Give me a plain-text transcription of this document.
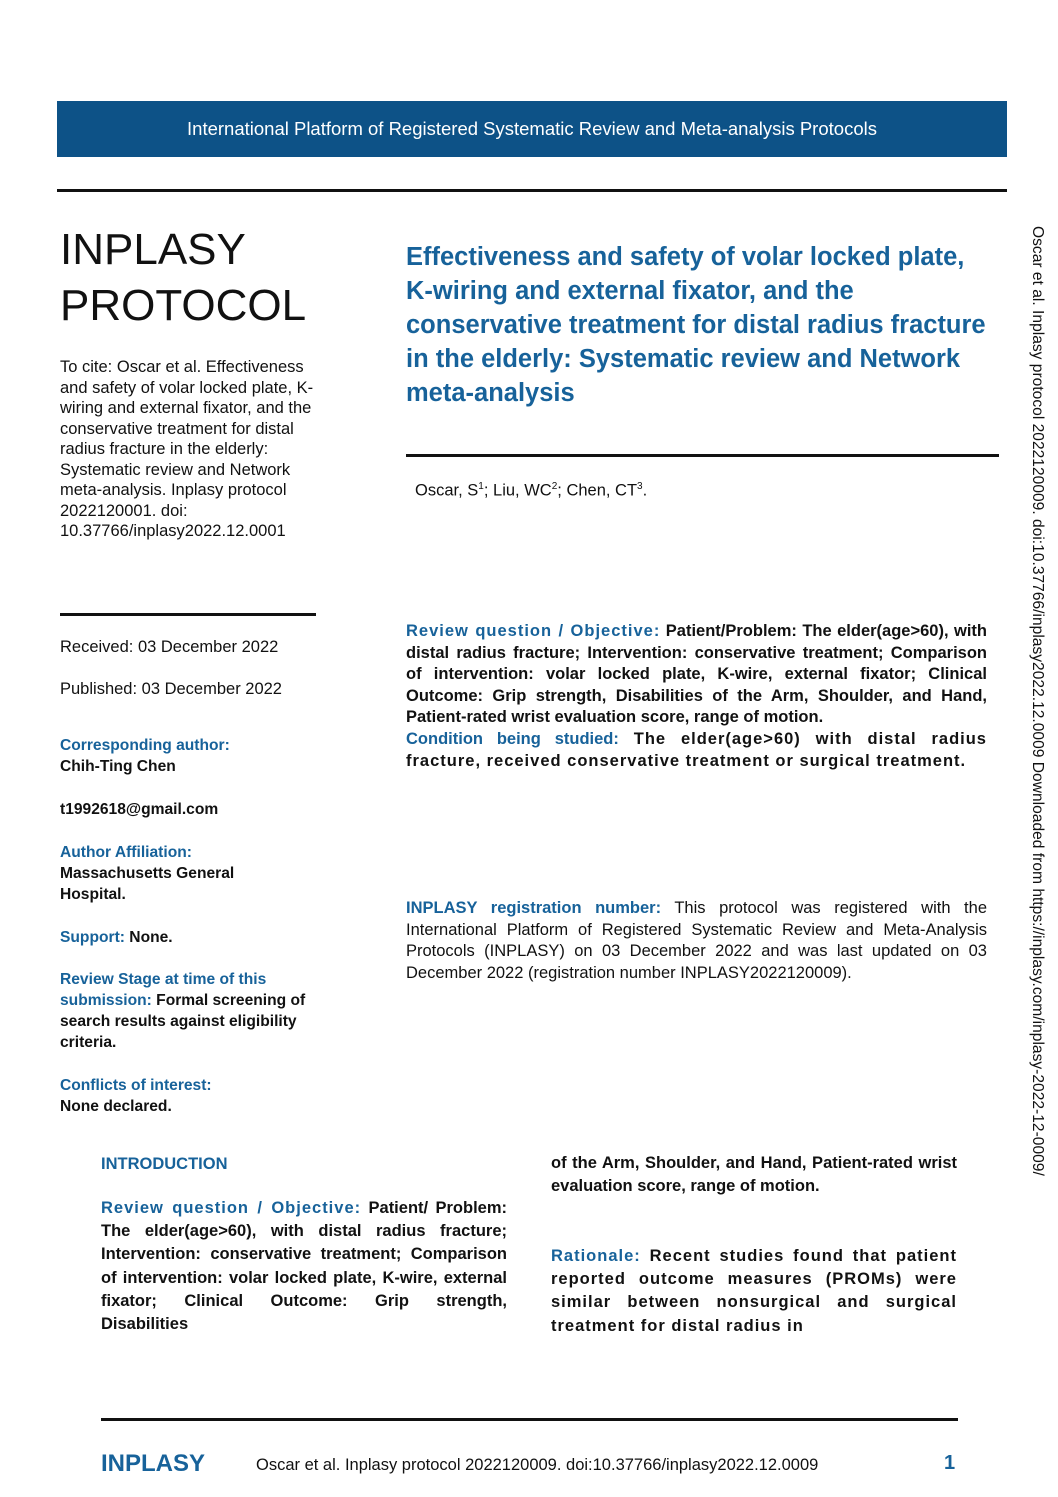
International Platform of Registered Systematic Review and Meta-analysis Protocols
INPLASY
PROTOCOL
To cite: Oscar et al. Effectiveness and safety of volar locked plate, K-wiring and external fixator, and the conservative treatment for distal radius fracture in the elderly: Systematic review and Network meta-analysis. Inplasy protocol 2022120001. doi: 10.37766/inplasy2022.12.0001
Received: 03 December 2022
Published: 03 December 2022
Corresponding author:
Chih-Ting Chen
t1992618@gmail.com
Author Affiliation:
Massachusetts General Hospital.
Support: None.
Review Stage at time of this submission: Formal screening of search results against eligibility criteria.
Conflicts of interest:
None declared.
Effectiveness and safety of volar locked plate, K-wiring and external fixator, and the conservative treatment for distal radius fracture in the elderly: Systematic review and Network meta-analysis
Oscar, $S^1$; Liu, $WC^2$; Chen, $CT^3$.
Review question / Objective: Patient/Problem: The elder(age>60), with distal radius fracture; Intervention: conservative treatment; Comparison of intervention: volar locked plate, K-wire, external fixator; Clinical Outcome: Grip strength, Disabilities of the Arm, Shoulder, and Hand, Patient-rated wrist evaluation score, range of motion.
Condition being studied: The elder(age>60) with distal radius fracture, received conservative treatment or surgical treatment.
INPLASY registration number: This protocol was registered with the International Platform of Registered Systematic Review and Meta-Analysis Protocols (INPLASY) on 03 December 2022 and was last updated on 03 December 2022 (registration number INPLASY2022120009).
INTRODUCTION
Review question / Objective: Patient/ Problem: The elder(age>60), with distal radius fracture; Intervention: conservative treatment; Comparison of intervention: volar locked plate, K-wire, external fixator; Clinical Outcome: Grip strength, Disabilities
of the Arm, Shoulder, and Hand, Patient-rated wrist evaluation score, range of motion.
Rationale: Recent studies found that patient reported outcome measures (PROMs) were similar between nonsurgical and surgical treatment for distal radius in
Oscar et al. Inplasy protocol 2022120009. doi:10.37766/inplasy2022.12.0009 Downloaded from https://inplasy.com/inplasy-2022-12-0009/
INPLASY	Oscar et al. Inplasy protocol 2022120009. doi:10.37766/inplasy2022.12.0009	1
